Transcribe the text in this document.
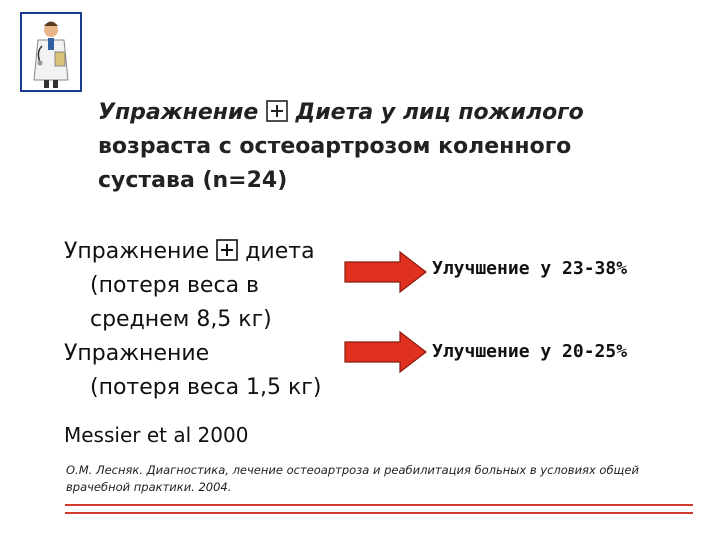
Упражнение Диета у лиц пожилого
возраста с остеоартрозом коленного
сустава (n=24)
Упражнение диета
(потеря веса в
среднем 8,5 кг)
Упражнение
(потеря веса 1,5 кг)
Улучшение у 23-38%
Улучшение у 20-25%
Messier et al 2000
О.М. Лесняк. Диагностика, лечение остеоартроза и реабилитация больных в условиях общей врачебной практики. 2004.
